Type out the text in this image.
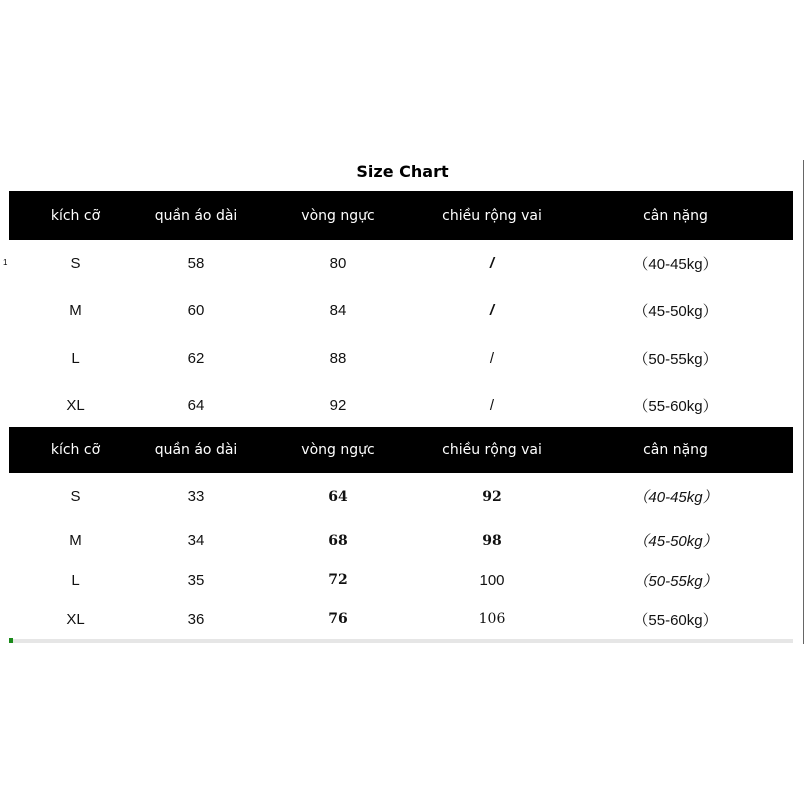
Size Chart
1
kích cỡ	quần áo dài	vòng ngực	chiều rộng vai	cân nặng
S	58	80	/	（40-45kg）
M	60	84	/	（45-50kg）
L	62	88	/	（50-55kg）
XL	64	92	/	（55-60kg）
kích cỡ	quần áo dài	vòng ngực	chiều rộng vai	cân nặng
S	33	64	92	（40-45kg）
M	34	68	98	（45-50kg）
L	35	72	100	（50-55kg）
XL	36	76	106	（55-60kg）
